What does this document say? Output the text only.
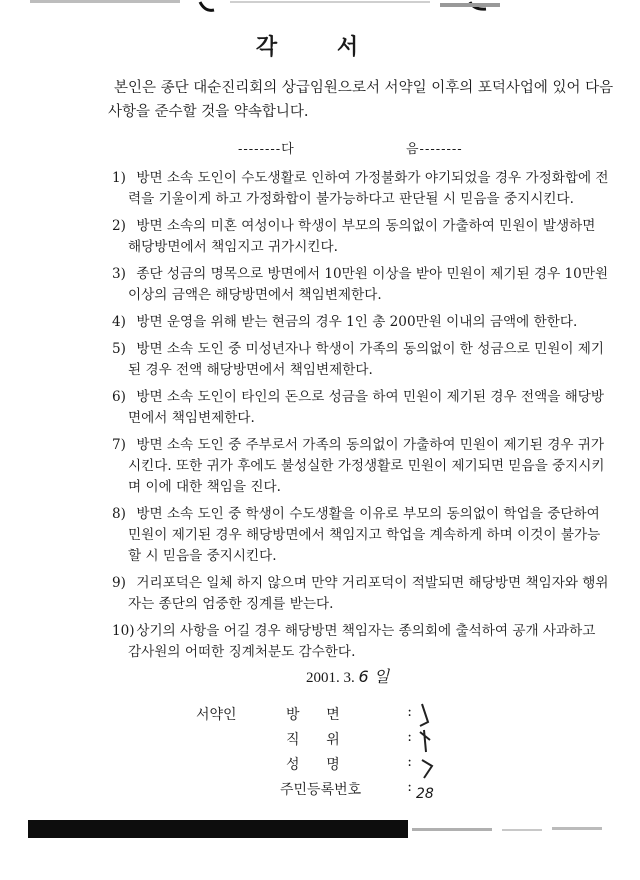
각 서
본인은 종단 대순진리회의 상급임원으로서 서약일 이후의 포덕사업에 있어 다음 사항을 준수할 것을 약속합니다.
--------다	음--------
1) 방면 소속 도인이 수도생활로 인하여 가정불화가 야기되었을 경우 가정화합에 전력을 기울이게 하고 가정화합이 불가능하다고 판단될 시 믿음을 중지시킨다.
2) 방면 소속의 미혼 여성이나 학생이 부모의 동의없이 가출하여 민원이 발생하면 해당방면에서 책임지고 귀가시킨다.
3) 종단 성금의 명목으로 방면에서 10만원 이상을 받아 민원이 제기된 경우 10만원 이상의 금액은 해당방면에서 책임변제한다.
4) 방면 운영을 위해 받는 현금의 경우 1인 총 200만원 이내의 금액에 한한다.
5) 방면 소속 도인 중 미성년자나 학생이 가족의 동의없이 한 성금으로 민원이 제기된 경우 전액 해당방면에서 책임변제한다.
6) 방면 소속 도인이 타인의 돈으로 성금을 하여 민원이 제기된 경우 전액을 해당방면에서 책임변제한다.
7) 방면 소속 도인 중 주부로서 가족의 동의없이 가출하여 민원이 제기된 경우 귀가시킨다. 또한 귀가 후에도 불성실한 가정생활로 민원이 제기되면 믿음을 중지시키며 이에 대한 책임을 진다.
8) 방면 소속 도인 중 학생이 수도생활을 이유로 부모의 동의없이 학업을 중단하여 민원이 제기된 경우 해당방면에서 책임지고 학업을 계속하게 하며 이것이 불가능할 시 믿음을 중지시킨다.
9) 거리포덕은 일체 하지 않으며 만약 거리포덕이 적발되면 해당방면 책임자와 행위자는 종단의 엄중한 징계를 받는다.
10) 상기의 사항을 어길 경우 해당방면 책임자는 종의회에 출석하여 공개 사과하고 감사원의 어떠한 징계처분도 감수한다.
2001. 3. 6 일
서약인	방      면	:
직      위	:
성      명	:
주민등록번호	: 28
